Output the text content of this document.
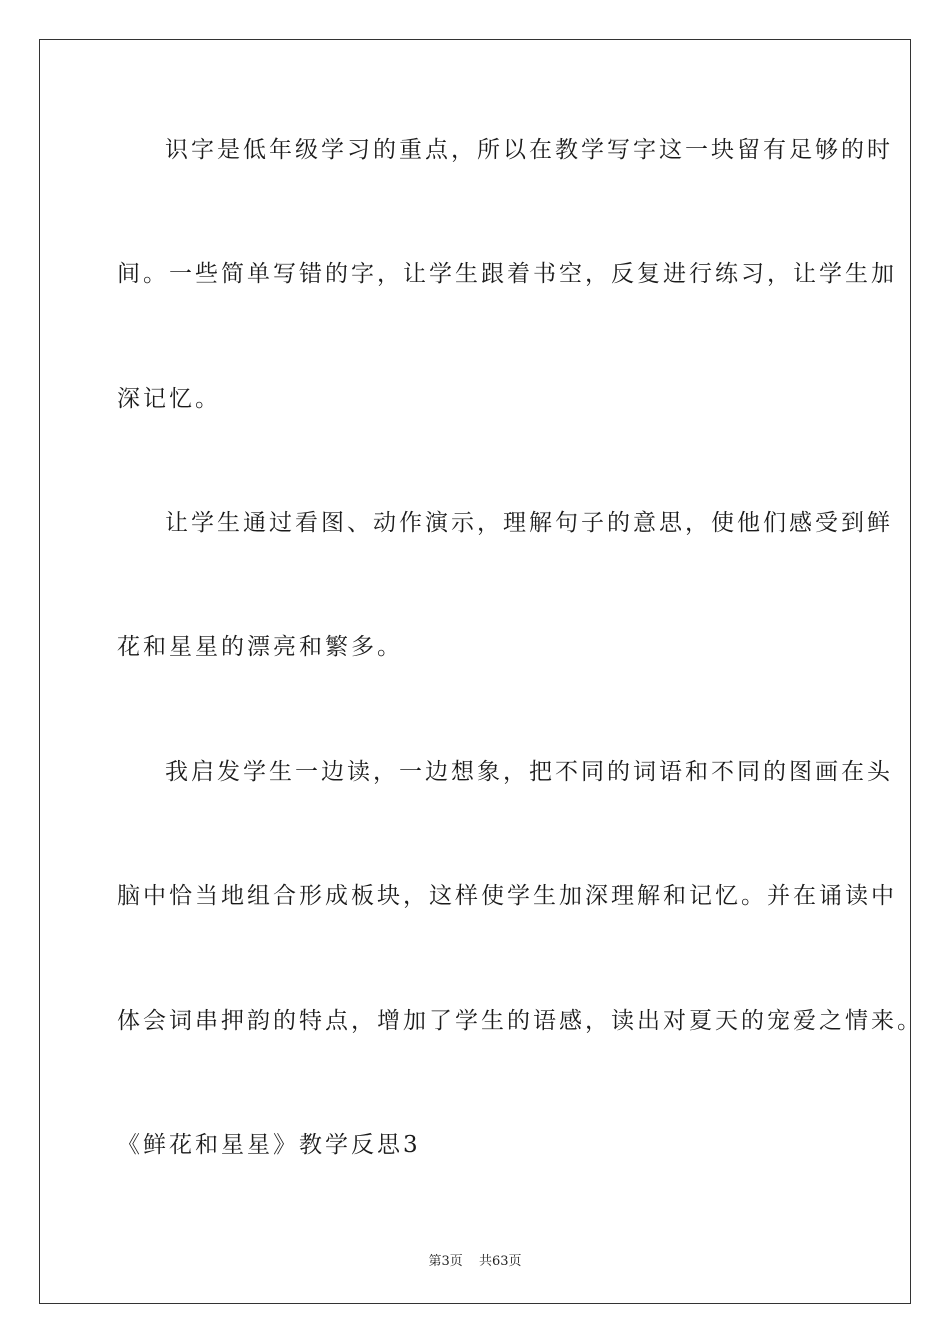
识字是低年级学习的重点，所以在教学写字这一块留有足够的时
间。一些简单写错的字，让学生跟着书空，反复进行练习，让学生加
深记忆。
让学生通过看图、动作演示，理解句子的意思，使他们感受到鲜
花和星星的漂亮和繁多。
我启发学生一边读，一边想象，把不同的词语和不同的图画在头
脑中恰当地组合形成板块，这样使学生加深理解和记忆。并在诵读中
体会词串押韵的特点，增加了学生的语感，读出对夏天的宠爱之情来。
《鲜花和星星》教学反思3
第3页 共63页
